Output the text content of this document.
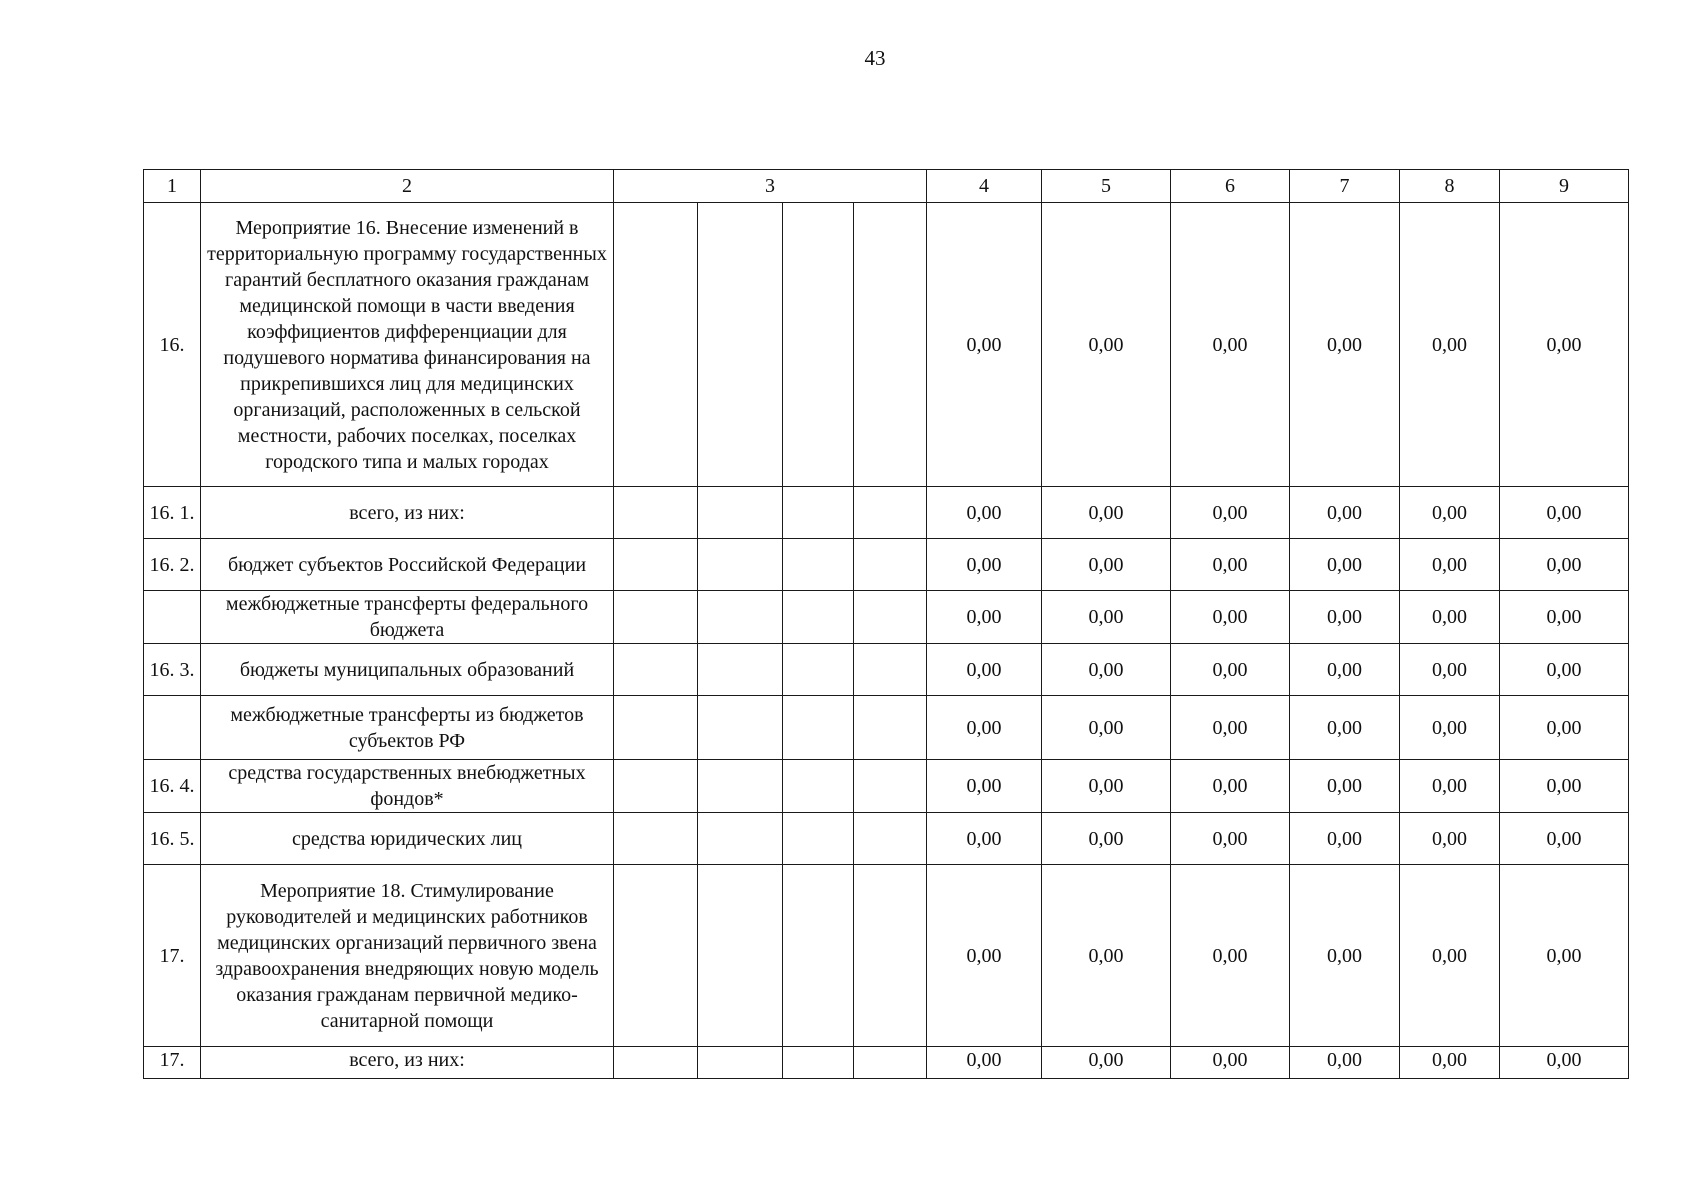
43
1	2	3				4	5	6	7	8	9
16.	Мероприятие 16. Внесение изменений в территориальную программу государственных гарантий бесплатного оказания гражданам медицинской помощи в части введения коэффициентов дифференциации для подушевого норматива финансирования на прикрепившихся лиц для медицинских организаций, расположенных в сельской местности, рабочих поселках, поселках городского типа и малых городах					0,00	0,00	0,00	0,00	0,00	0,00
16. 1.	всего, из них:					0,00	0,00	0,00	0,00	0,00	0,00
16. 2.	бюджет субъектов Российской Федерации					0,00	0,00	0,00	0,00	0,00	0,00
	межбюджетные трансферты федерального бюджета					0,00	0,00	0,00	0,00	0,00	0,00
16. 3.	бюджеты муниципальных образований					0,00	0,00	0,00	0,00	0,00	0,00
	межбюджетные трансферты из бюджетов субъектов РФ					0,00	0,00	0,00	0,00	0,00	0,00
16. 4.	средства государственных внебюджетных фондов*					0,00	0,00	0,00	0,00	0,00	0,00
16. 5.	средства юридических лиц					0,00	0,00	0,00	0,00	0,00	0,00
17.	Мероприятие 18. Стимулирование руководителей и медицинских работников медицинских организаций первичного звена здравоохранения внедряющих новую модель оказания гражданам первичной медико-санитарной помощи					0,00	0,00	0,00	0,00	0,00	0,00
17.	всего, из них:					0,00	0,00	0,00	0,00	0,00	0,00
